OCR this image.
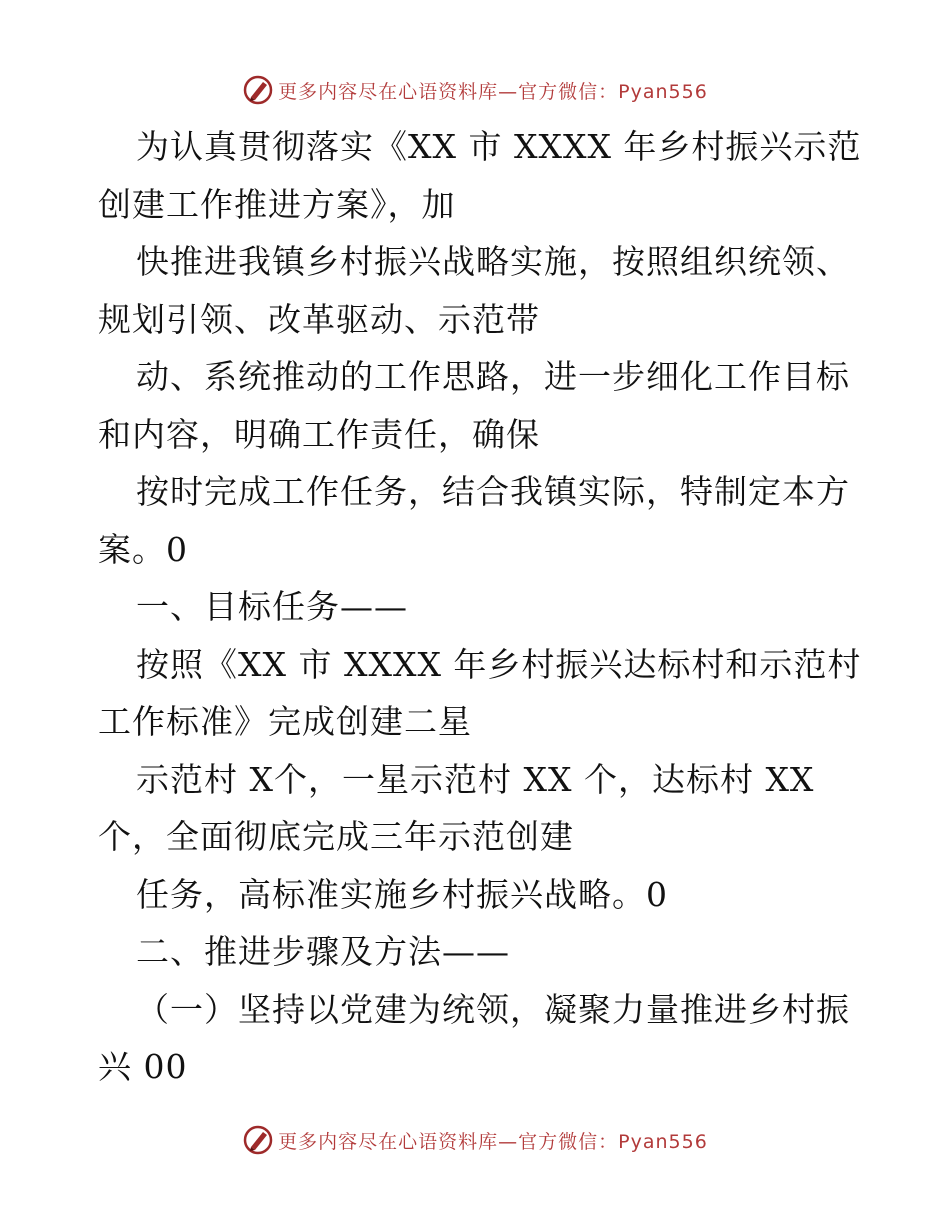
更多内容尽在心语资料库—官方微信：Pyan556
为认真贯彻落实《XX 市 XXXX 年乡村振兴示范
创建工作推进方案》，加
快推进我镇乡村振兴战略实施，按照组织统领、
规划引领、改革驱动、示范带
动、系统推动的工作思路，进一步细化工作目标
和内容，明确工作责任，确保
按时完成工作任务，结合我镇实际，特制定本方
案。0
一、目标任务——
按照《XX 市 XXXX 年乡村振兴达标村和示范村
工作标准》完成创建二星
示范村 X个，一星示范村 XX 个，达标村 XX
个，全面彻底完成三年示范创建
任务，高标准实施乡村振兴战略。0
二、推进步骤及方法——
（一）坚持以党建为统领，凝聚力量推进乡村振
兴 00
更多内容尽在心语资料库—官方微信：Pyan556
